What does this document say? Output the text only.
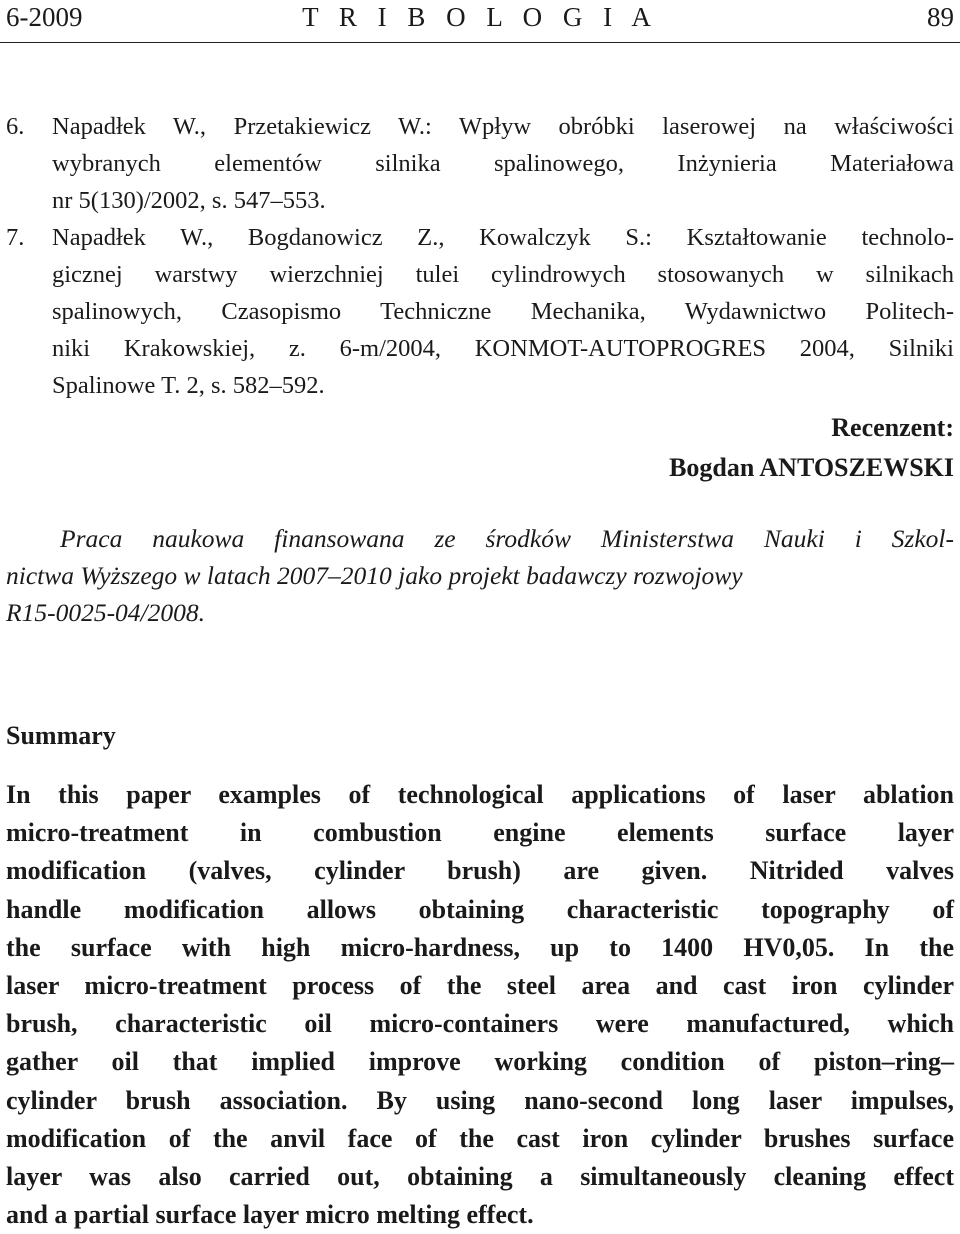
6-2009	T R I B O L O G I A	89
6. Napadłek W., Przetakiewicz W.: Wpływ obróbki laserowej na właściwości
wybranych elementów silnika spalinowego, Inżynieria Materiałowa
nr 5(130)/2002, s. 547–553.
7. Napadłek W., Bogdanowicz Z., Kowalczyk S.: Kształtowanie technolo-
gicznej warstwy wierzchniej tulei cylindrowych stosowanych w silnikach
spalinowych, Czasopismo Techniczne Mechanika, Wydawnictwo Politech-
niki Krakowskiej, z. 6-m/2004, KONMOT-AUTOPROGRES 2004, Silniki
Spalinowe T. 2, s. 582–592.
Recenzent:
Bogdan ANTOSZEWSKI
Praca naukowa finansowana ze środków Ministerstwa Nauki i Szkol-
nictwa Wyższego w latach 2007–2010 jako projekt badawczy rozwojowy
R15-0025-04/2008.
Summary
In this paper examples of technological applications of laser ablation
micro-treatment in combustion engine elements surface layer
modification (valves, cylinder brush) are given. Nitrided valves
handle modification allows obtaining characteristic topography of
the surface with high micro-hardness, up to 1400 HV0,05. In the
laser micro-treatment process of the steel area and cast iron cylinder
brush, characteristic oil micro-containers were manufactured, which
gather oil that implied improve working condition of piston–ring–
cylinder brush association. By using nano-second long laser impulses,
modification of the anvil face of the cast iron cylinder brushes surface
layer was also carried out, obtaining a simultaneously cleaning effect
and a partial surface layer micro melting effect.
